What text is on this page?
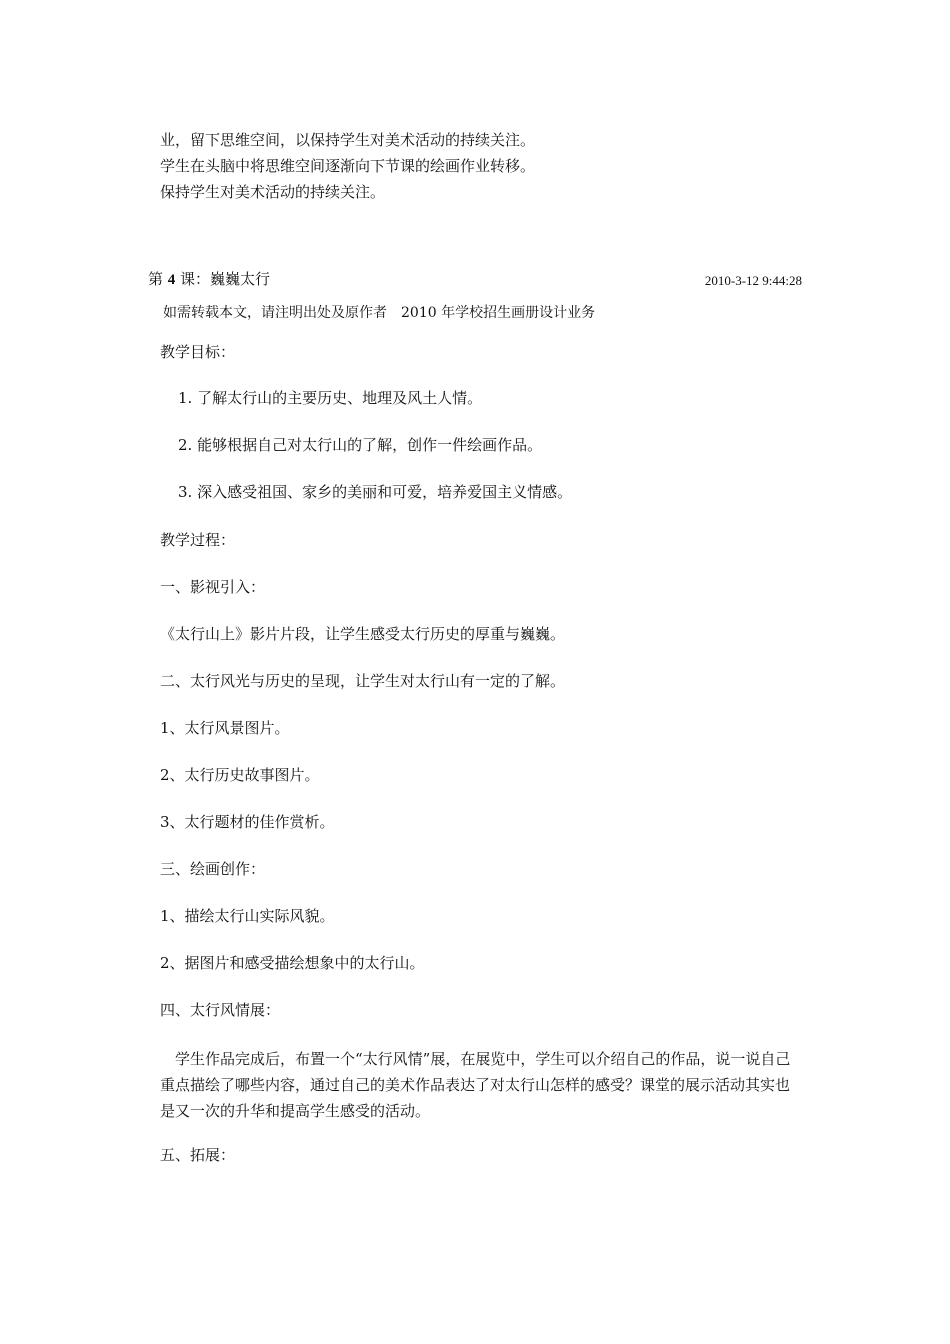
业，留下思维空间，以保持学生对美术活动的持续关注。
学生在头脑中将思维空间逐渐向下节课的绘画作业转移。
保持学生对美术活动的持续关注。
第 4 课：巍巍太行	2010-3-12 9:44:28
如需转载本文，请注明出处及原作者　2010 年学校招生画册设计业务
教学目标：
1. 了解太行山的主要历史、地理及风土人情。
2. 能够根据自己对太行山的了解，创作一件绘画作品。
3. 深入感受祖国、家乡的美丽和可爱，培养爱国主义情感。
教学过程：
一、影视引入：
《太行山上》影片片段，让学生感受太行历史的厚重与巍巍。
二、太行风光与历史的呈现，让学生对太行山有一定的了解。
1、太行风景图片。
2、太行历史故事图片。
3、太行题材的佳作赏析。
三、绘画创作：
1、描绘太行山实际风貌。
2、据图片和感受描绘想象中的太行山。
四、太行风情展：
学生作品完成后，布置一个“太行风情”展，在展览中，学生可以介绍自己的作品，说一说自己重点描绘了哪些内容，通过自己的美术作品表达了对太行山怎样的感受？课堂的展示活动其实也是又一次的升华和提高学生感受的活动。
五、拓展：
